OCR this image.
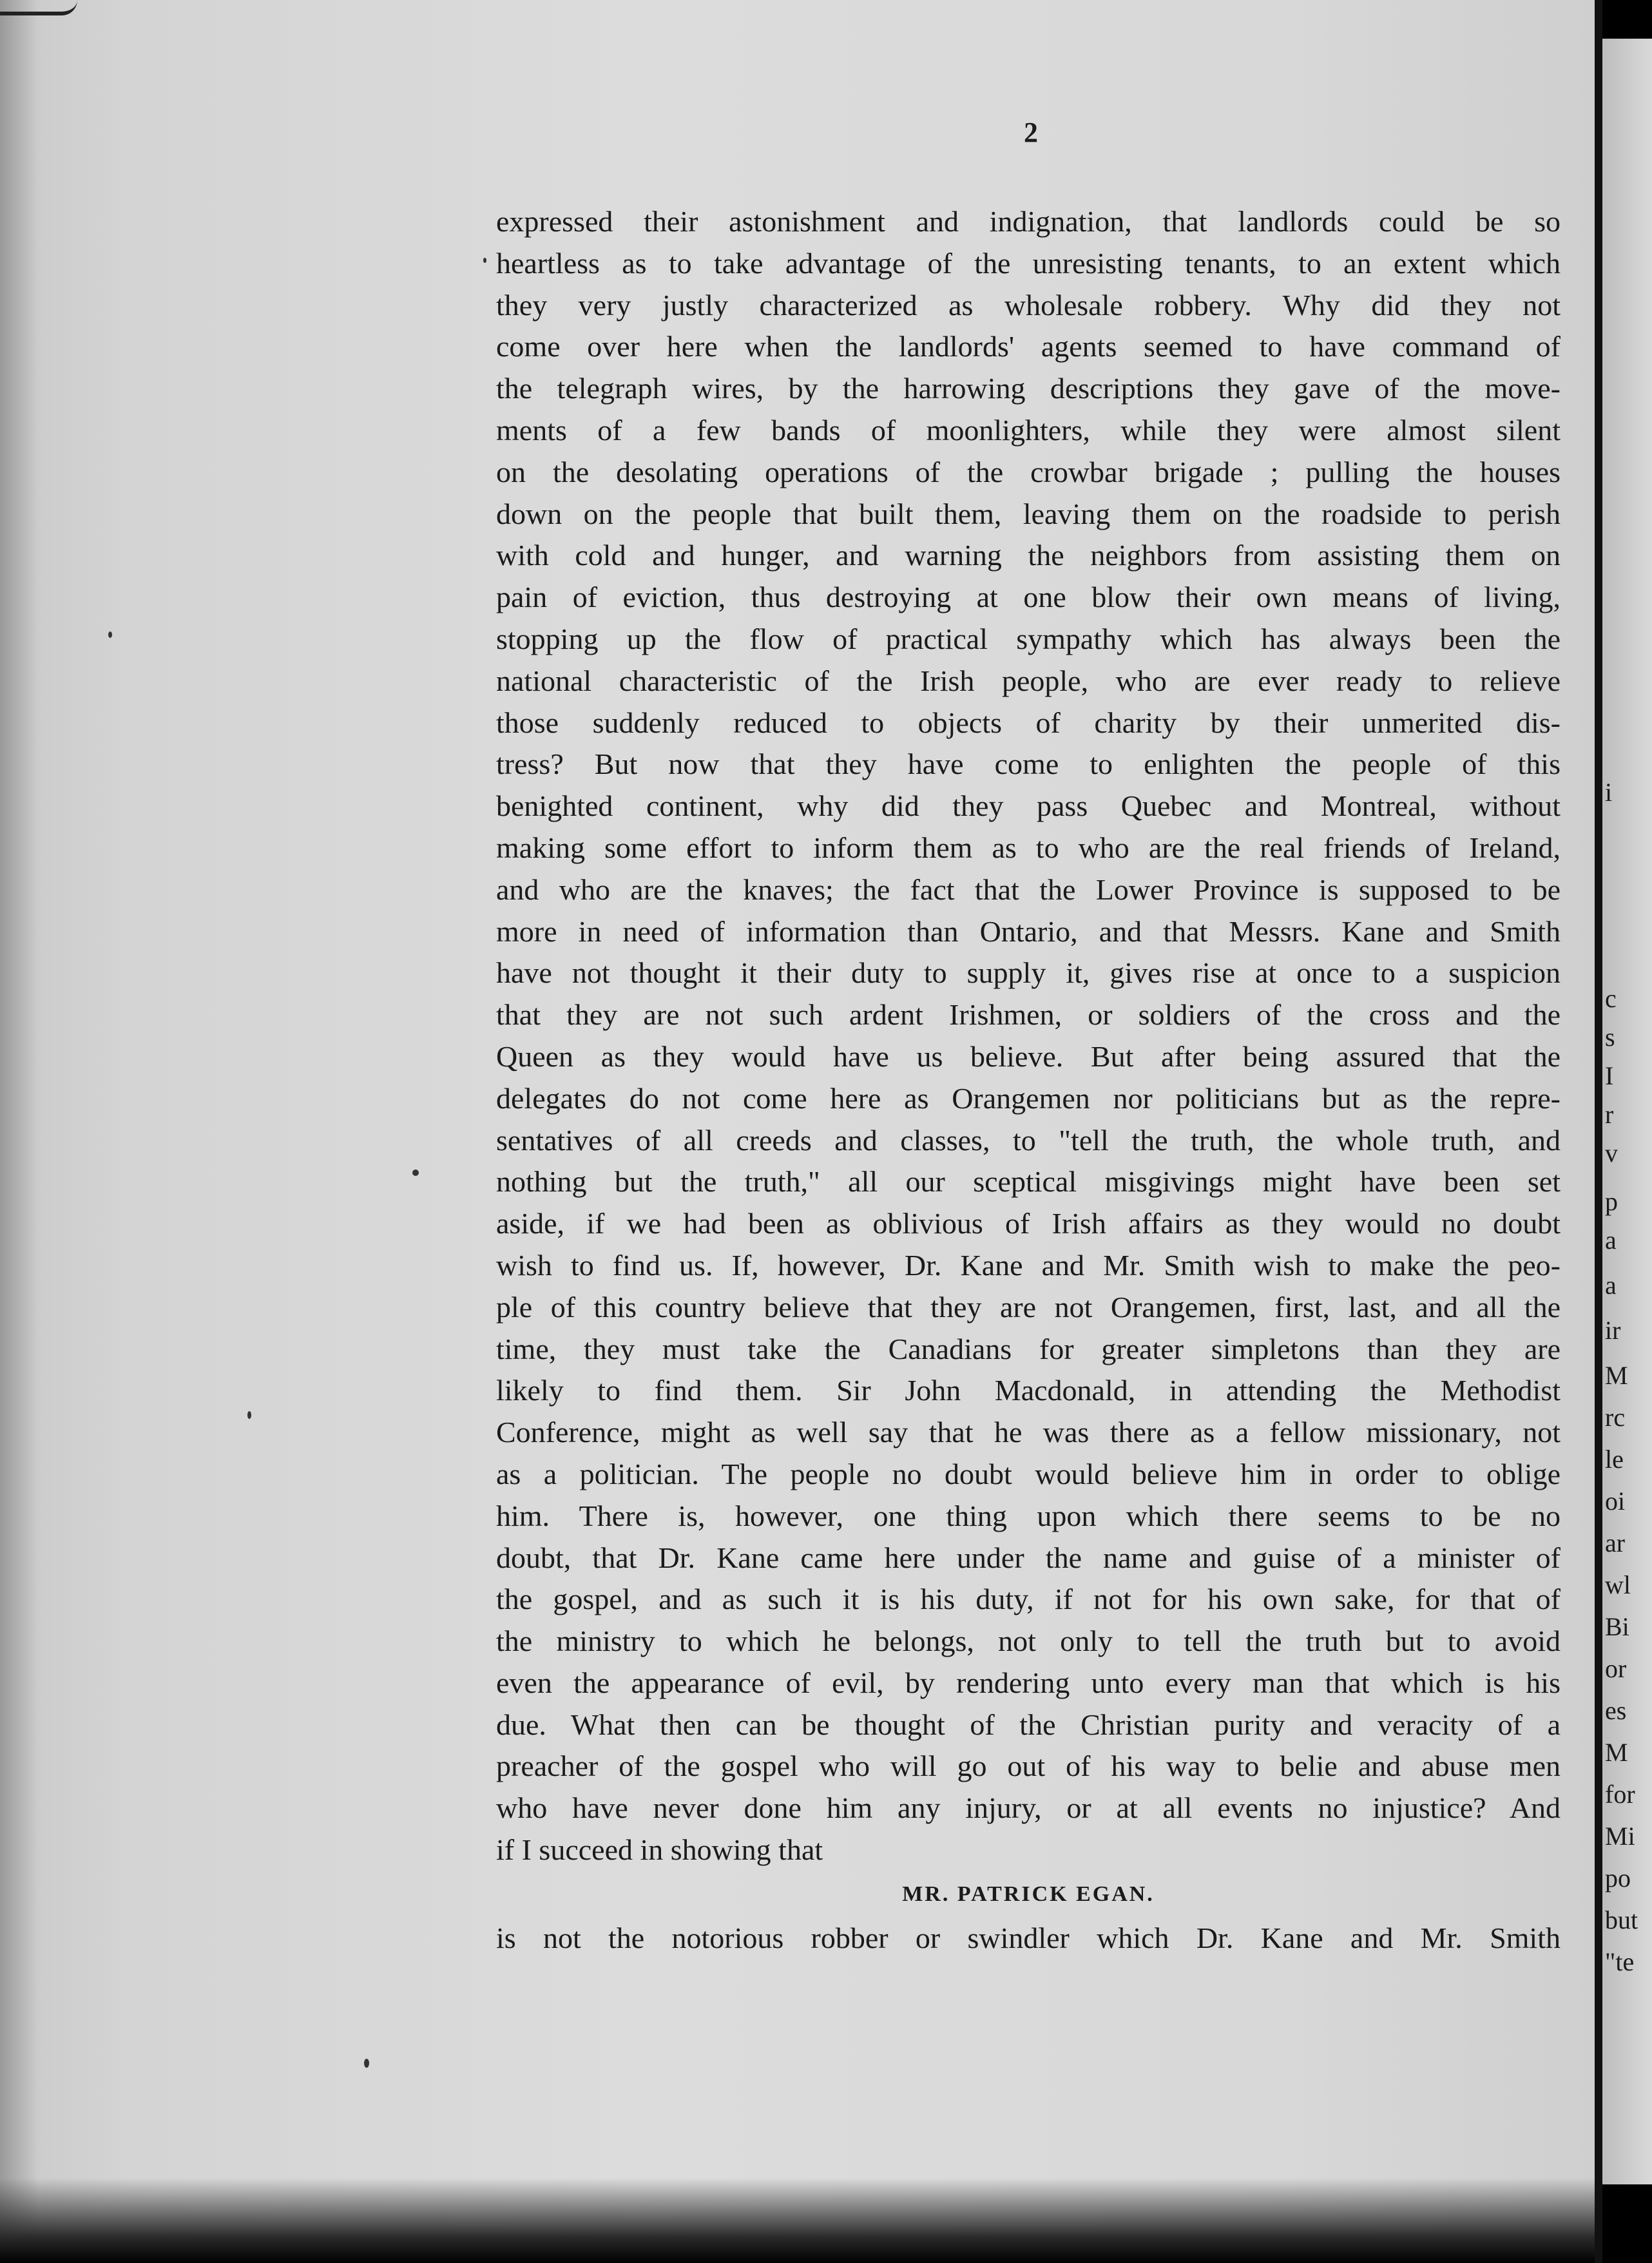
2
expressed their astonishment and indignation, that landlords could be so
heartless as to take advantage of the unresisting tenants, to an extent which
they very justly characterized as wholesale robbery. Why did they not
come over here when the landlords' agents seemed to have command of
the telegraph wires, by the harrowing descriptions they gave of the move-
ments of a few bands of moonlighters, while they were almost silent
on the desolating operations of the crowbar brigade ; pulling the houses
down on the people that built them, leaving them on the roadside to perish
with cold and hunger, and warning the neighbors from assisting them on
pain of eviction, thus destroying at one blow their own means of living,
stopping up the flow of practical sympathy which has always been the
national characteristic of the Irish people, who are ever ready to relieve
those suddenly reduced to objects of charity by their unmerited dis-
tress? But now that they have come to enlighten the people of this
benighted continent, why did they pass Quebec and Montreal, without
making some effort to inform them as to who are the real friends of Ireland,
and who are the knaves; the fact that the Lower Province is supposed to be
more in need of information than Ontario, and that Messrs. Kane and Smith
have not thought it their duty to supply it, gives rise at once to a suspicion
that they are not such ardent Irishmen, or soldiers of the cross and the
Queen as they would have us believe. But after being assured that the
delegates do not come here as Orangemen nor politicians but as the repre-
sentatives of all creeds and classes, to "tell the truth, the whole truth, and
nothing but the truth," all our sceptical misgivings might have been set
aside, if we had been as oblivious of Irish affairs as they would no doubt
wish to find us. If, however, Dr. Kane and Mr. Smith wish to make the peo-
ple of this country believe that they are not Orangemen, first, last, and all the
time, they must take the Canadians for greater simpletons than they are
likely to find them. Sir John Macdonald, in attending the Methodist
Conference, might as well say that he was there as a fellow missionary, not
as a politician. The people no doubt would believe him in order to oblige
him. There is, however, one thing upon which there seems to be no
doubt, that Dr. Kane came here under the name and guise of a minister of
the gospel, and as such it is his duty, if not for his own sake, for that of
the ministry to which he belongs, not only to tell the truth but to avoid
even the appearance of evil, by rendering unto every man that which is his
due. What then can be thought of the Christian purity and veracity of a
preacher of the gospel who will go out of his way to belie and abuse men
who have never done him any injury, or at all events no injustice? And
if I succeed in showing that
MR. PATRICK EGAN.
is not the notorious robber or swindler which Dr. Kane and Mr. Smith
i
c
s
I
r
v
p
a
a
ir
M
rc
le
oi
ar
wl
Bi
or
es
M
for
Mi
po
but
"te
